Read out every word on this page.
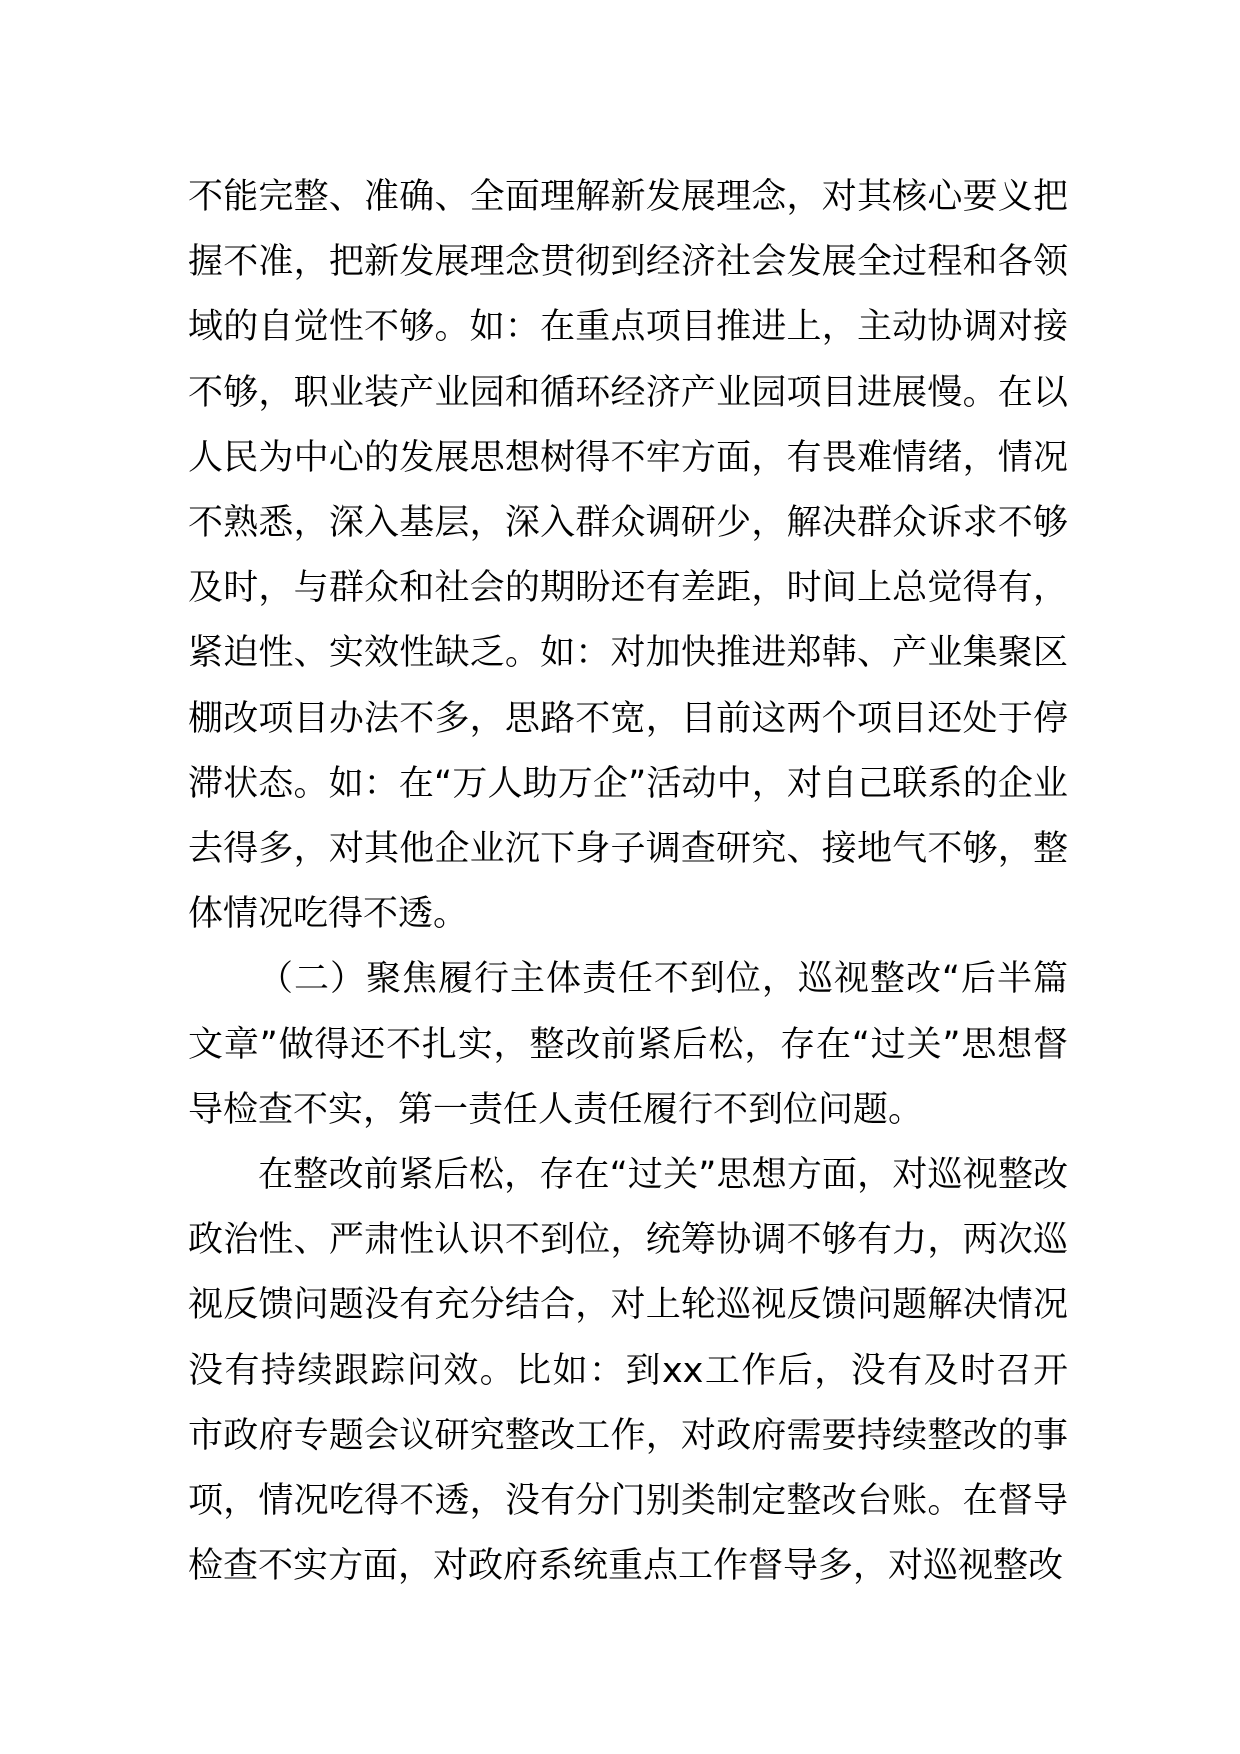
不能完整、准确、全面理解新发展理念，对其核心要义把握不准，把新发展理念贯彻到经济社会发展全过程和各领域的自觉性不够。如：在重点项目推进上，主动协调对接不够，职业装产业园和循环经济产业园项目进展慢。在以人民为中心的发展思想树得不牢方面，有畏难情绪，情况不熟悉，深入基层，深入群众调研少，解决群众诉求不够及时，与群众和社会的期盼还有差距，时间上总觉得有，紧迫性、实效性缺乏。如：对加快推进郑韩、产业集聚区棚改项目办法不多，思路不宽，目前这两个项目还处于停滞状态。如：在“万人助万企”活动中，对自己联系的企业去得多，对其他企业沉下身子调查研究、接地气不够，整体情况吃得不透。

（二）聚焦履行主体责任不到位，巡视整改“后半篇文章”做得还不扎实，整改前紧后松，存在“过关”思想督导检查不实，第一责任人责任履行不到位问题。

在整改前紧后松，存在“过关”思想方面，对巡视整改政治性、严肃性认识不到位，统筹协调不够有力，两次巡视反馈问题没有充分结合，对上轮巡视反馈问题解决情况没有持续跟踪问效。比如：到xx工作后，没有及时召开市政府专题会议研究整改工作，对政府需要持续整改的事项，情况吃得不透，没有分门别类制定整改台账。在督导检查不实方面，对政府系统重点工作督导多，对巡视整改
